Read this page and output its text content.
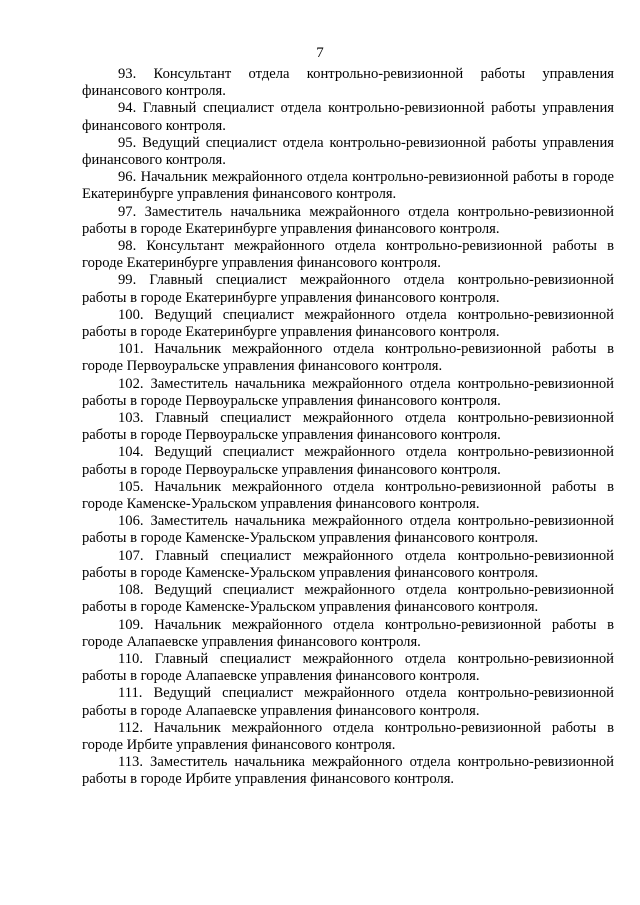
7

93. Консультант отдела контрольно-ревизионной работы управления финансового контроля.

94. Главный специалист отдела контрольно-ревизионной работы управления финансового контроля.

95. Ведущий специалист отдела контрольно-ревизионной работы управления финансового контроля.

96. Начальник межрайонного отдела контрольно-ревизионной работы в городе Екатеринбурге управления финансового контроля.

97. Заместитель начальника межрайонного отдела контрольно-ревизионной работы в городе Екатеринбурге управления финансового контроля.

98. Консультант межрайонного отдела контрольно-ревизионной работы в городе Екатеринбурге управления финансового контроля.

99. Главный специалист межрайонного отдела контрольно-ревизионной работы в городе Екатеринбурге управления финансового контроля.

100. Ведущий специалист межрайонного отдела контрольно-ревизионной работы в городе Екатеринбурге управления финансового контроля.

101. Начальник межрайонного отдела контрольно-ревизионной работы в городе Первоуральске управления финансового контроля.

102. Заместитель начальника межрайонного отдела контрольно-ревизионной работы в городе Первоуральске управления финансового контроля.

103. Главный специалист межрайонного отдела контрольно-ревизионной работы в городе Первоуральске управления финансового контроля.

104. Ведущий специалист межрайонного отдела контрольно-ревизионной работы в городе Первоуральске управления финансового контроля.

105. Начальник межрайонного отдела контрольно-ревизионной работы в городе Каменске-Уральском управления финансового контроля.

106. Заместитель начальника межрайонного отдела контрольно-ревизионной работы в городе Каменске-Уральском управления финансового контроля.

107. Главный специалист межрайонного отдела контрольно-ревизионной работы в городе Каменске-Уральском управления финансового контроля.

108. Ведущий специалист межрайонного отдела контрольно-ревизионной работы в городе Каменске-Уральском управления финансового контроля.

109. Начальник межрайонного отдела контрольно-ревизионной работы в городе Алапаевске управления финансового контроля.

110. Главный специалист межрайонного отдела контрольно-ревизионной работы в городе Алапаевске управления финансового контроля.

111. Ведущий специалист межрайонного отдела контрольно-ревизионной работы в городе Алапаевске управления финансового контроля.

112. Начальник межрайонного отдела контрольно-ревизионной работы в городе Ирбите управления финансового контроля.

113. Заместитель начальника межрайонного отдела контрольно-ревизионной работы в городе Ирбите управления финансового контроля.
